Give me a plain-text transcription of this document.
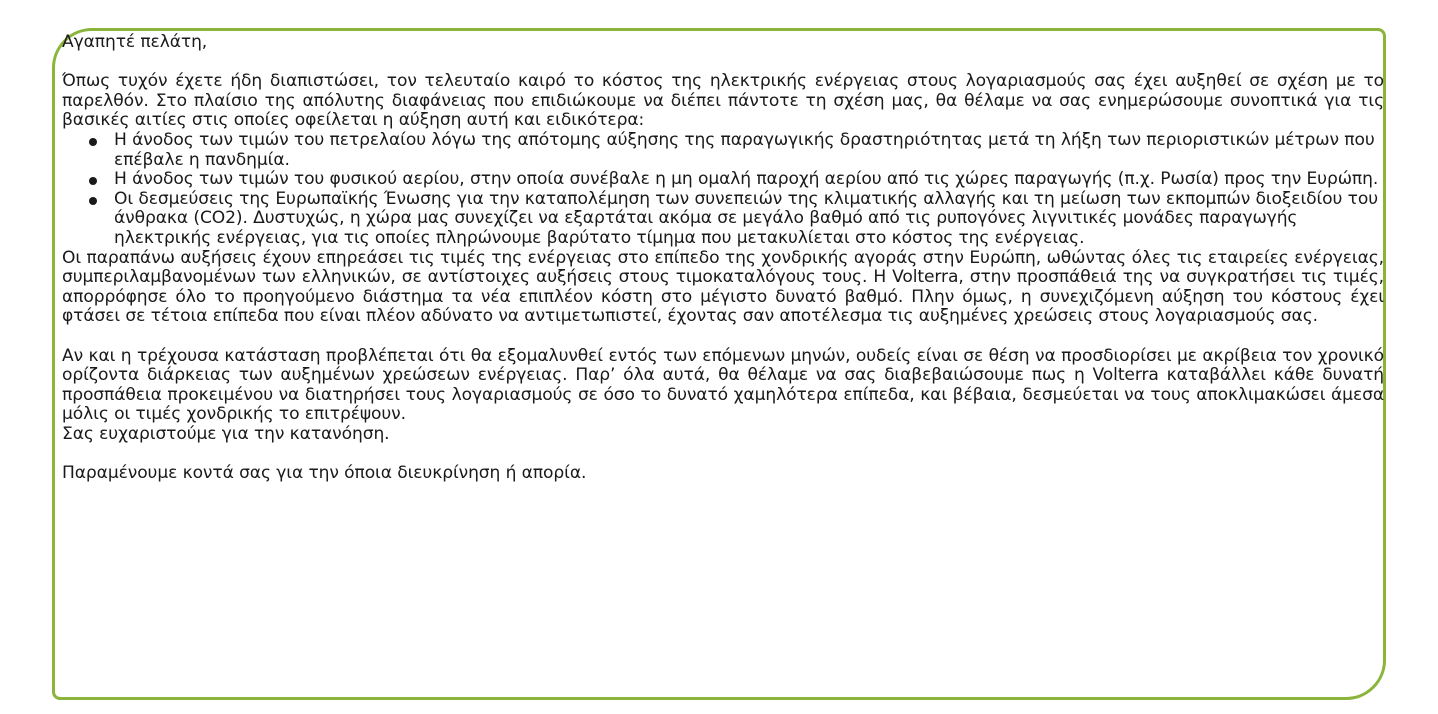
Αγαπητέ πελάτη,

Όπως τυχόν έχετε ήδη διαπιστώσει, τον τελευταίο καιρό το κόστος της ηλεκτρικής ενέργειας στους λογαριασμούς σας έχει αυξηθεί σε σχέση με το παρελθόν. Στο πλαίσιο της απόλυτης διαφάνειας που επιδιώκουμε να διέπει πάντοτε τη σχέση μας, θα θέλαμε να σας ενημερώσουμε συνοπτικά για τις βασικές αιτίες στις οποίες οφείλεται η αύξηση αυτή και ειδικότερα:

Η άνοδος των τιμών του πετρελαίου λόγω της απότομης αύξησης της παραγωγικής δραστηριότητας μετά τη λήξη των περιοριστικών μέτρων που επέβαλε η πανδημία.
Η άνοδος των τιμών του φυσικού αερίου, στην οποία συνέβαλε η μη ομαλή παροχή αερίου από τις χώρες παραγωγής (π.χ. Ρωσία) προς την Ευρώπη.
Οι δεσμεύσεις της Ευρωπαϊκής Ένωσης για την καταπολέμηση των συνεπειών της κλιματικής αλλαγής και τη μείωση των εκπομπών διοξειδίου του άνθρακα (CO2). Δυστυχώς, η χώρα μας συνεχίζει να εξαρτάται ακόμα σε μεγάλο βαθμό από τις ρυπογόνες λιγνιτικές μονάδες παραγωγής ηλεκτρικής ενέργειας, για τις οποίες πληρώνουμε βαρύτατο τίμημα που μετακυλίεται στο κόστος της ενέργειας.

Οι παραπάνω αυξήσεις έχουν επηρεάσει τις τιμές της ενέργειας στο επίπεδο της χονδρικής αγοράς στην Ευρώπη, ωθώντας όλες τις εταιρείες ενέργειας, συμπεριλαμβανομένων των ελληνικών, σε αντίστοιχες αυξήσεις στους τιμοκαταλόγους τους. Η Volterra, στην προσπάθειά της να συγκρατήσει τις τιμές, απορρόφησε όλο το προηγούμενο διάστημα τα νέα επιπλέον κόστη στο μέγιστο δυνατό βαθμό. Πλην όμως, η συνεχιζόμενη αύξηση του κόστους έχει φτάσει σε τέτοια επίπεδα που είναι πλέον αδύνατο να αντιμετωπιστεί, έχοντας σαν αποτέλεσμα τις αυξημένες χρεώσεις στους λογαριασμούς σας.

Αν και η τρέχουσα κατάσταση προβλέπεται ότι θα εξομαλυνθεί εντός των επόμενων μηνών, ουδείς είναι σε θέση να προσδιορίσει με ακρίβεια τον χρονικό ορίζοντα διάρκειας των αυξημένων χρεώσεων ενέργειας. Παρ’ όλα αυτά, θα θέλαμε να σας διαβεβαιώσουμε πως η Volterra καταβάλλει κάθε δυνατή προσπάθεια προκειμένου να διατηρήσει τους λογαριασμούς σε όσο το δυνατό χαμηλότερα επίπεδα, και βέβαια, δεσμεύεται να τους αποκλιμακώσει άμεσα μόλις οι τιμές χονδρικής το επιτρέψουν.

Σας ευχαριστούμε για την κατανόηση.

Παραμένουμε κοντά σας για την όποια διευκρίνηση ή απορία.
